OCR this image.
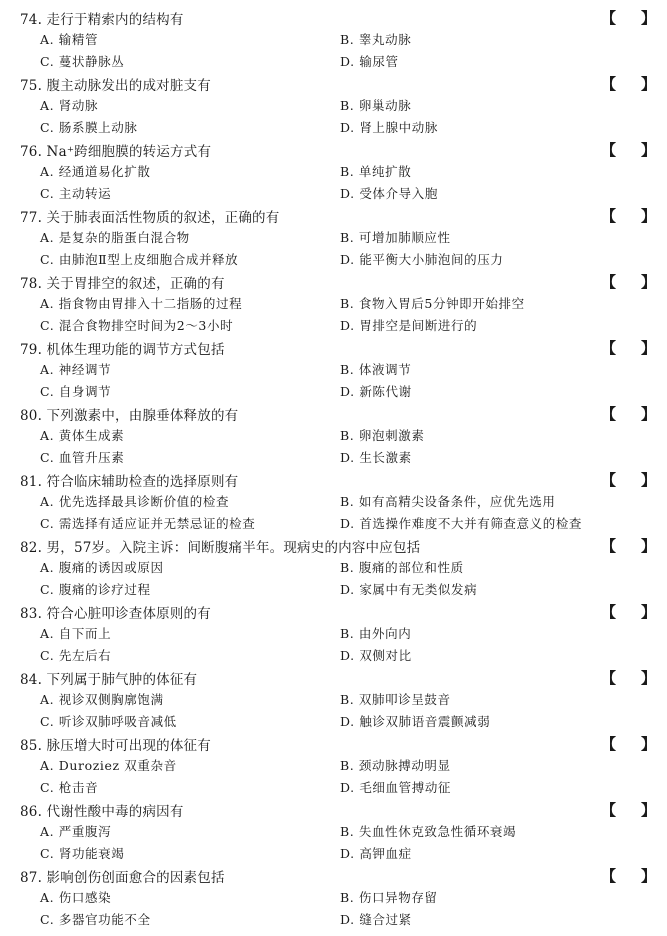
74. 走行于精索内的结构有	【 】
A. 输精管	B. 睾丸动脉
C. 蔓状静脉丛	D. 输尿管
75. 腹主动脉发出的成对脏支有	【 】
A. 肾动脉	B. 卵巢动脉
C. 肠系膜上动脉	D. 肾上腺中动脉
76. Na⁺跨细胞膜的转运方式有	【 】
A. 经通道易化扩散	B. 单纯扩散
C. 主动转运	D. 受体介导入胞
77. 关于肺表面活性物质的叙述，正确的有	【 】
A. 是复杂的脂蛋白混合物	B. 可增加肺顺应性
C. 由肺泡Ⅱ型上皮细胞合成并释放	D. 能平衡大小肺泡间的压力
78. 关于胃排空的叙述，正确的有	【 】
A. 指食物由胃排入十二指肠的过程	B. 食物入胃后5分钟即开始排空
C. 混合食物排空时间为2～3小时	D. 胃排空是间断进行的
79. 机体生理功能的调节方式包括	【 】
A. 神经调节	B. 体液调节
C. 自身调节	D. 新陈代谢
80. 下列激素中，由腺垂体释放的有	【 】
A. 黄体生成素	B. 卵泡刺激素
C. 血管升压素	D. 生长激素
81. 符合临床辅助检查的选择原则有	【 】
A. 优先选择最具诊断价值的检查	B. 如有高精尖设备条件，应优先选用
C. 需选择有适应证并无禁忌证的检查	D. 首选操作难度不大并有筛查意义的检查
82. 男，57岁。入院主诉：间断腹痛半年。现病史的内容中应包括	【 】
A. 腹痛的诱因或原因	B. 腹痛的部位和性质
C. 腹痛的诊疗过程	D. 家属中有无类似发病
83. 符合心脏叩诊查体原则的有	【 】
A. 自下而上	B. 由外向内
C. 先左后右	D. 双侧对比
84. 下列属于肺气肿的体征有	【 】
A. 视诊双侧胸廓饱满	B. 双肺叩诊呈鼓音
C. 听诊双肺呼吸音减低	D. 触诊双肺语音震颤减弱
85. 脉压增大时可出现的体征有	【 】
A. Duroziez 双重杂音	B. 颈动脉搏动明显
C. 枪击音	D. 毛细血管搏动征
86. 代谢性酸中毒的病因有	【 】
A. 严重腹泻	B. 失血性休克致急性循环衰竭
C. 肾功能衰竭	D. 高钾血症
87. 影响创伤创面愈合的因素包括	【 】
A. 伤口感染	B. 伤口异物存留
C. 多器官功能不全	D. 缝合过紧
